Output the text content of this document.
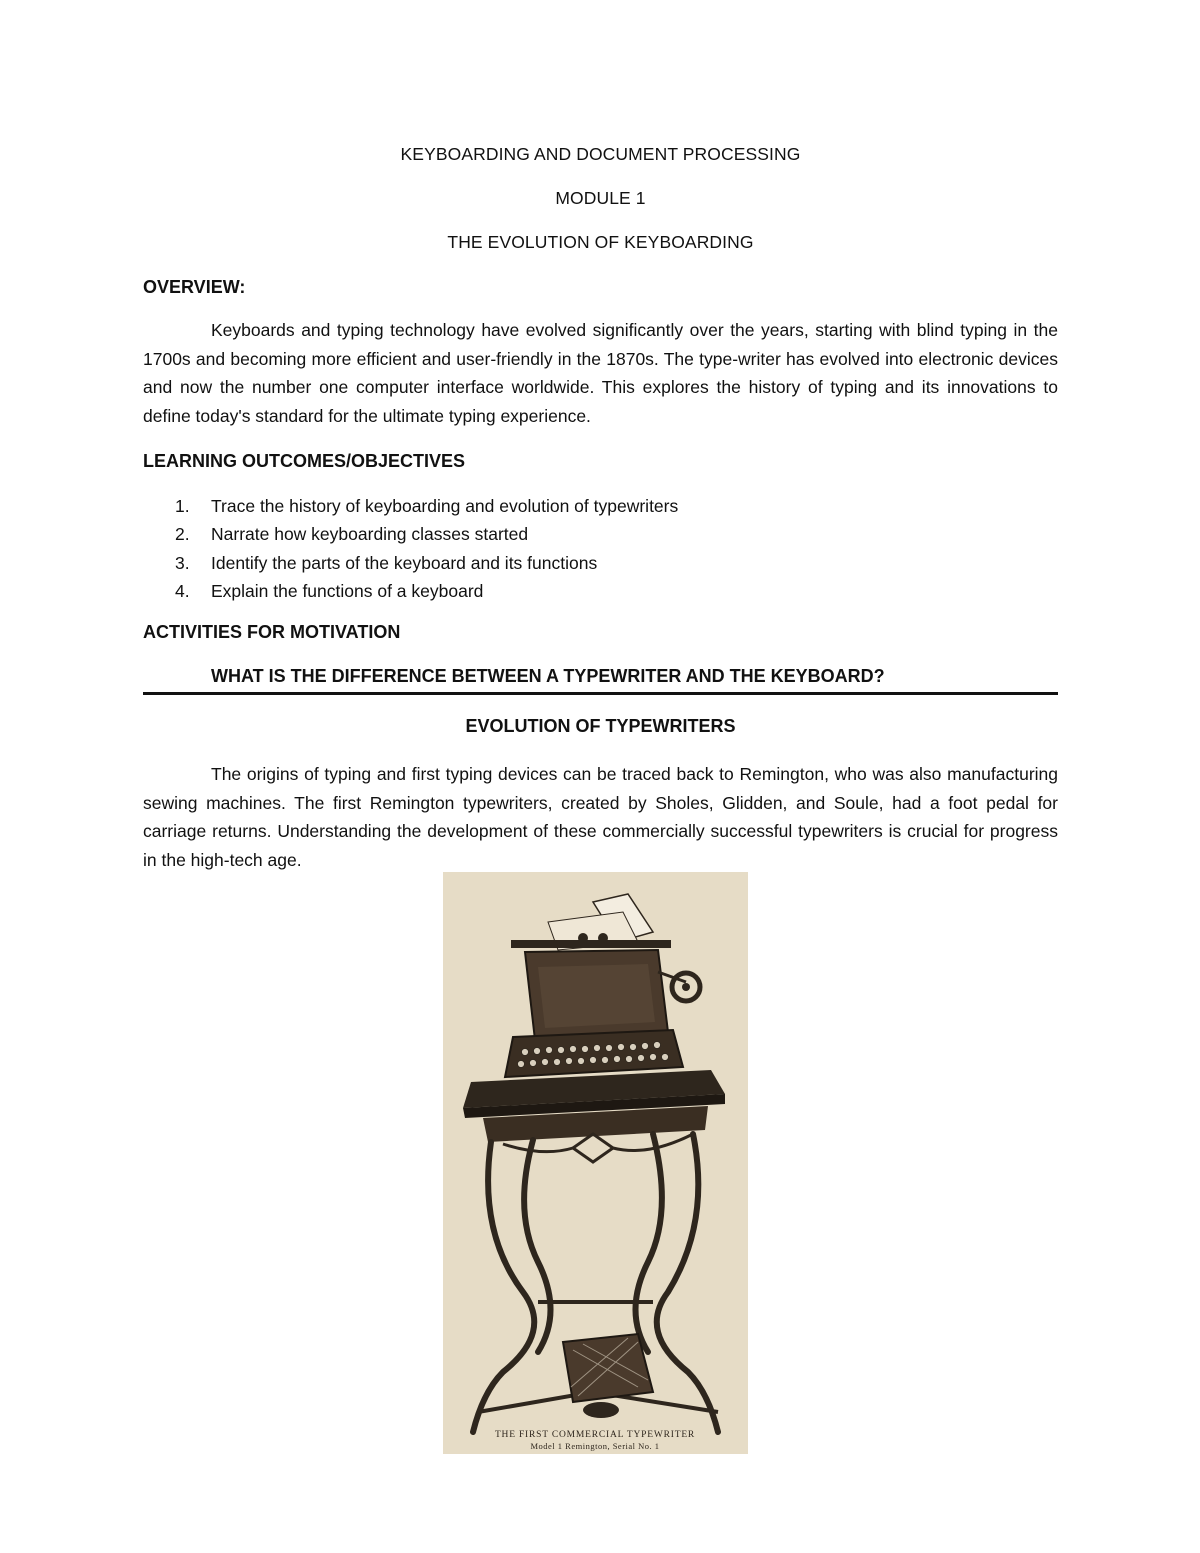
KEYBOARDING AND DOCUMENT PROCESSING
MODULE 1
THE EVOLUTION OF KEYBOARDING
OVERVIEW:

Keyboards and typing technology have evolved significantly over the years, starting with blind typing in the 1700s and becoming more efficient and user-friendly in the 1870s. The type-writer has evolved into electronic devices and now the number one computer interface worldwide. This explores the history of typing and its innovations to define today's standard for the ultimate typing experience.

LEARNING OUTCOMES/OBJECTIVES
1.	Trace the history of keyboarding and evolution of typewriters
2.	Narrate how keyboarding classes started
3.	Identify the parts of the keyboard and its functions
4.	Explain the functions of a keyboard
ACTIVITIES FOR MOTIVATION
WHAT IS THE DIFFERENCE BETWEEN A TYPEWRITER AND THE KEYBOARD?
EVOLUTION OF TYPEWRITERS

The origins of typing and first typing devices can be traced back to Remington, who was also manufacturing sewing machines. The first Remington typewriters, created by Sholes, Glidden, and Soule, had a foot pedal for carriage returns. Understanding the development of these commercially successful typewriters is crucial for progress in the high-tech age.

THE FIRST COMMERCIAL TYPEWRITER
Model 1 Remington, Serial No. 1
